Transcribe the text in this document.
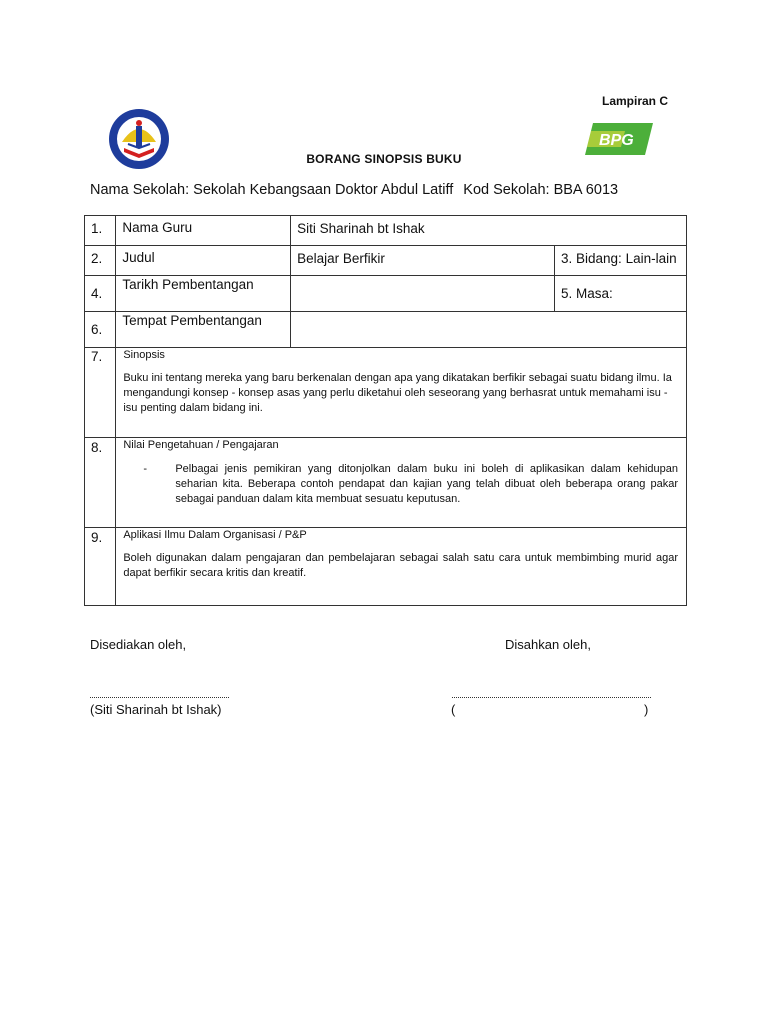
Lampiran C
BPG
BORANG SINOPSIS BUKU
Nama Sekolah: Sekolah Kebangsaan Doktor Abdul Latiff Kod Sekolah: BBA 6013
1.	Nama Guru	Siti Sharinah bt Ishak	
2.	Judul	Belajar Berfikir	3. Bidang: Lain-lain
4.	Tarikh Pembentangan		5. Masa:
6.	Tempat Pembentangan		
7.	Sinopsis
Buku ini tentang mereka yang baru berkenalan dengan apa yang dikatakan berfikir sebagai suatu bidang ilmu. Ia mengandungi konsep - konsep asas yang perlu diketahui oleh seseorang yang berhasrat untuk memahami isu - isu penting dalam bidang ini.		

8.	Nilai Pengetahuan / Pengajaran
- Pelbagai jenis pemikiran yang ditonjolkan dalam buku ini boleh di aplikasikan dalam kehidupan seharian kita. Beberapa contoh pendapat dan kajian yang telah dibuat oleh beberapa orang pakar sebagai panduan dalam kita membuat sesuatu keputusan.		

9.	Aplikasi Ilmu Dalam Organisasi / P&P
Boleh digunakan dalam pengajaran dan pembelajaran sebagai salah satu cara untuk membimbing murid agar dapat berfikir secara kritis dan kreatif.		
Disediakan oleh,	Disahkan oleh,
(Siti Sharinah bt Ishak)	(	)
